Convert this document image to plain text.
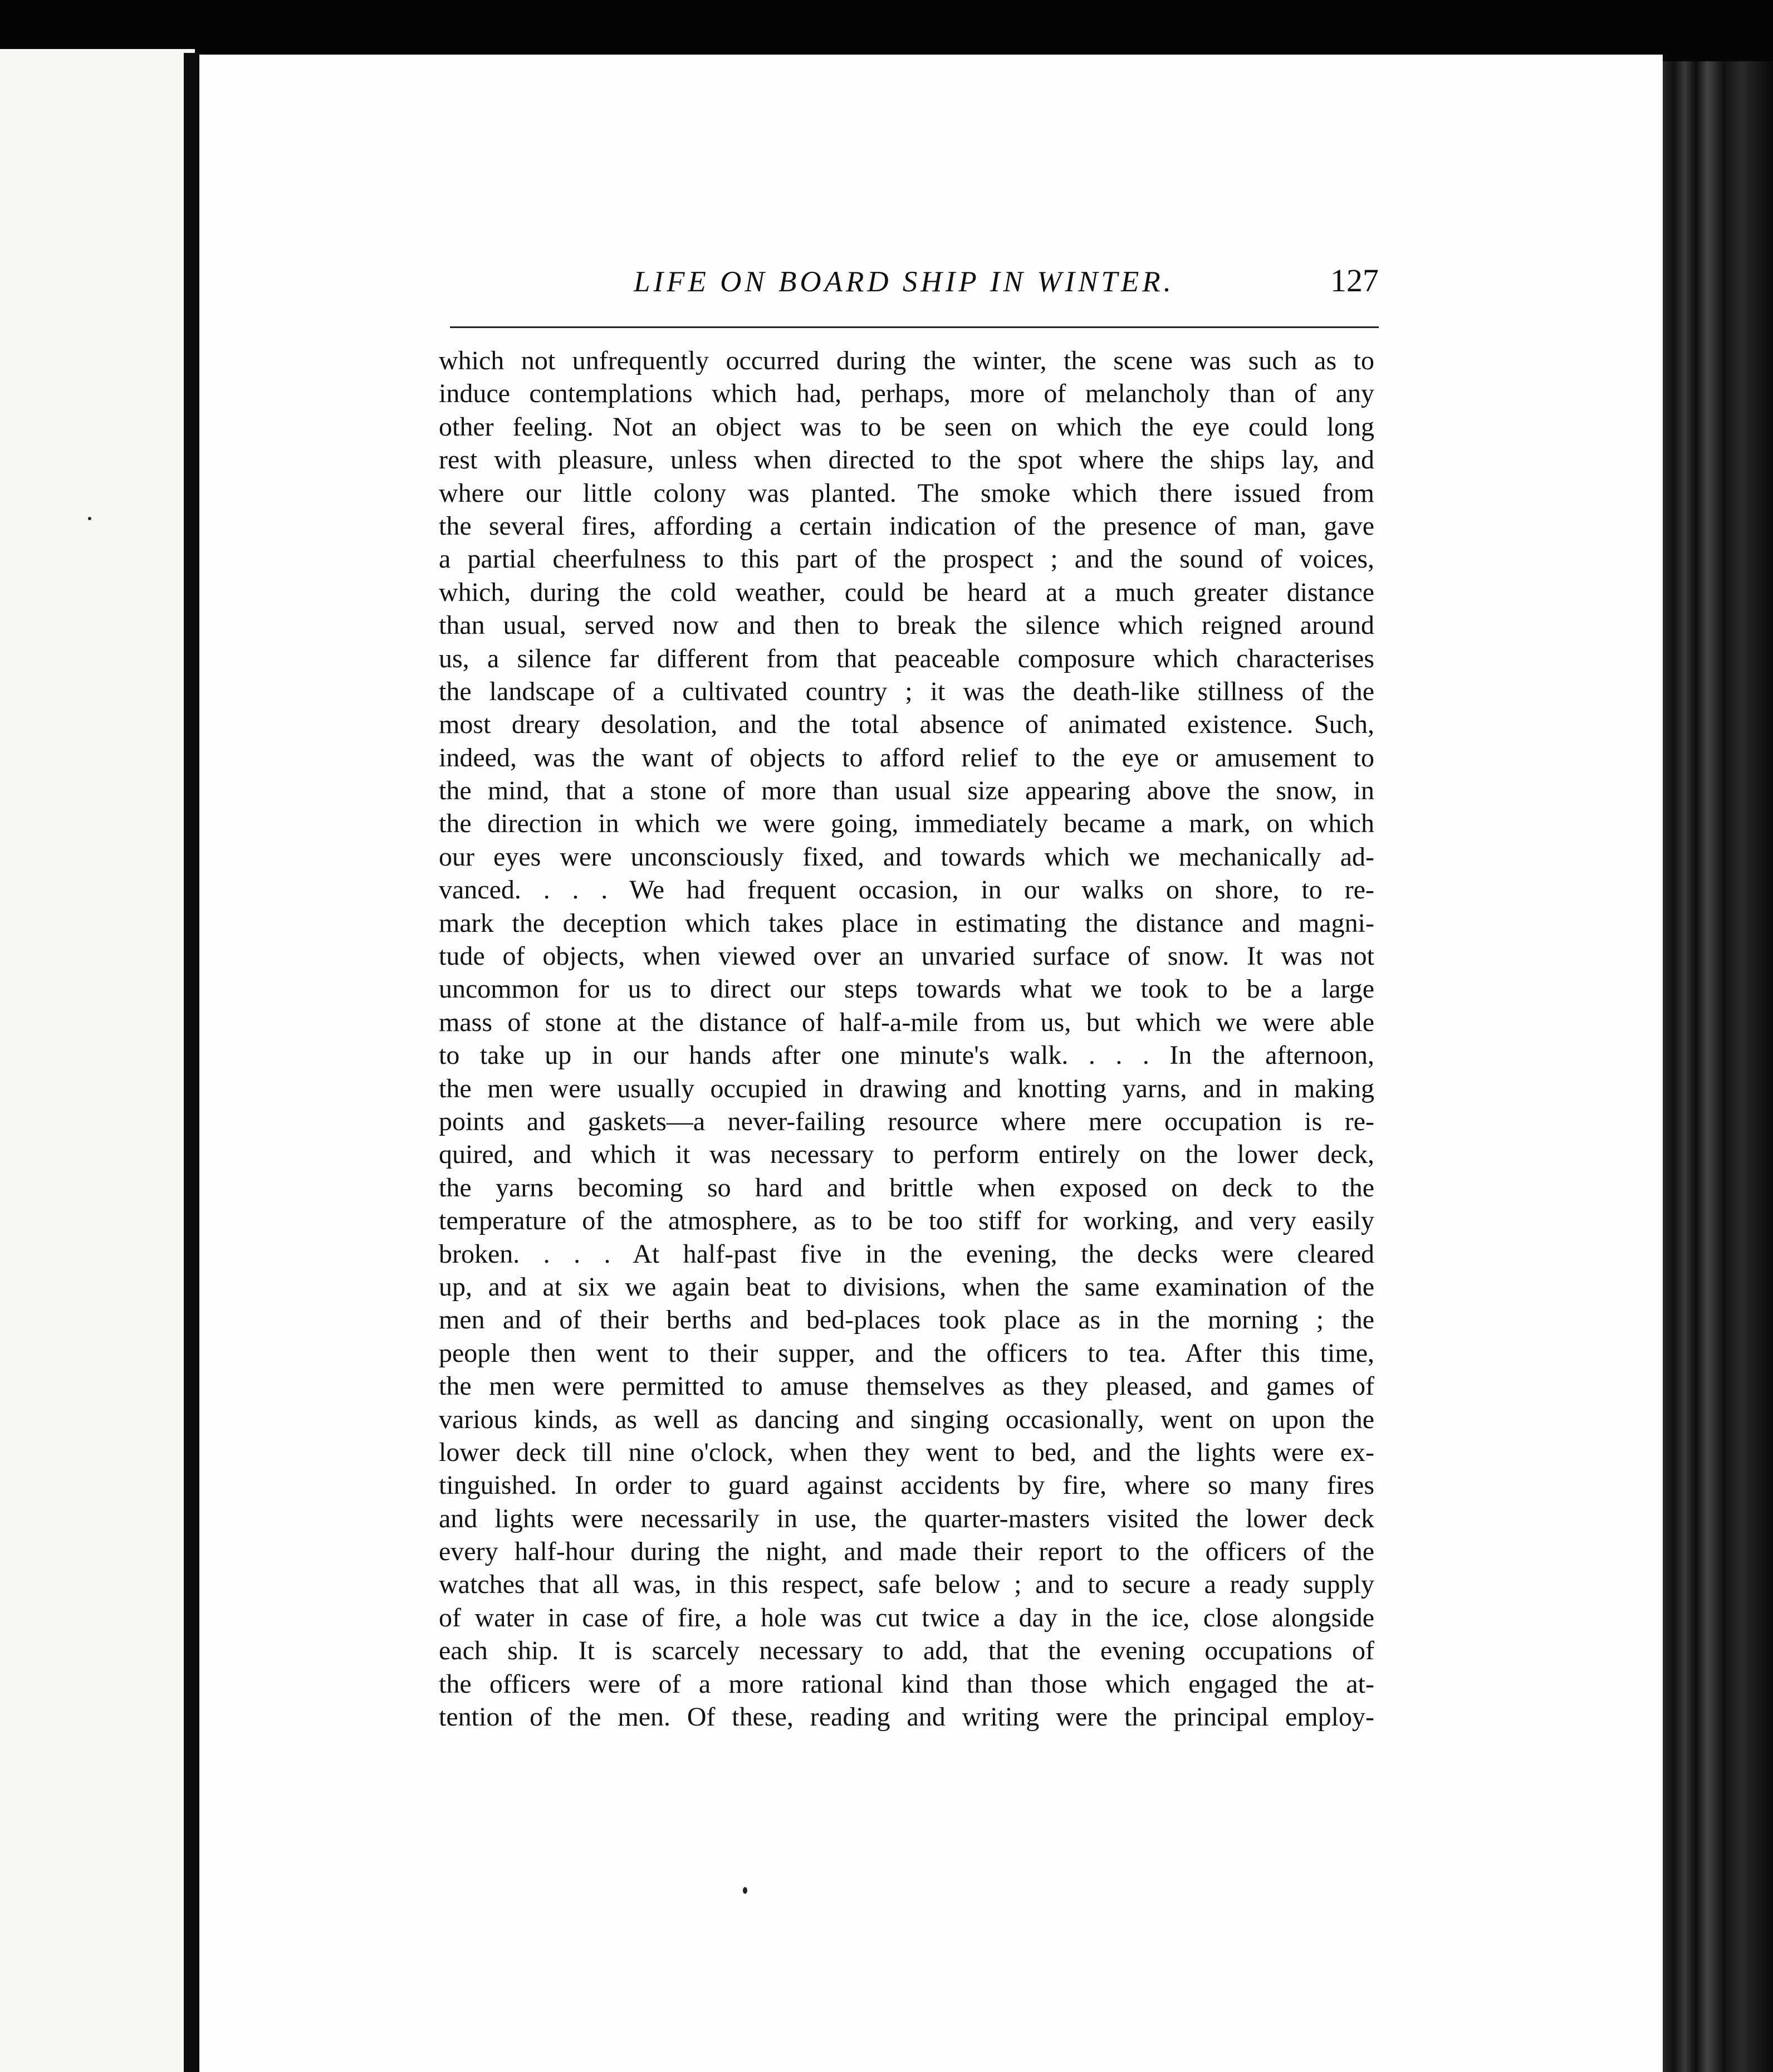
LIFE ON BOARD SHIP IN WINTER.	127
which not unfrequently occurred during the winter, the scene was such as to
induce contemplations which had, perhaps, more of melancholy than of any
other feeling. Not an object was to be seen on which the eye could long
rest with pleasure, unless when directed to the spot where the ships lay, and
where our little colony was planted. The smoke which there issued from
the several fires, affording a certain indication of the presence of man, gave
a partial cheerfulness to this part of the prospect ; and the sound of voices,
which, during the cold weather, could be heard at a much greater distance
than usual, served now and then to break the silence which reigned around
us, a silence far different from that peaceable composure which characterises
the landscape of a cultivated country ; it was the death-like stillness of the
most dreary desolation, and the total absence of animated existence. Such,
indeed, was the want of objects to afford relief to the eye or amusement to
the mind, that a stone of more than usual size appearing above the snow, in
the direction in which we were going, immediately became a mark, on which
our eyes were unconsciously fixed, and towards which we mechanically ad-
vanced. . . . We had frequent occasion, in our walks on shore, to re-
mark the deception which takes place in estimating the distance and magni-
tude of objects, when viewed over an unvaried surface of snow. It was not
uncommon for us to direct our steps towards what we took to be a large
mass of stone at the distance of half-a-mile from us, but which we were able
to take up in our hands after one minute's walk. . . . In the afternoon,
the men were usually occupied in drawing and knotting yarns, and in making
points and gaskets—a never-failing resource where mere occupation is re-
quired, and which it was necessary to perform entirely on the lower deck,
the yarns becoming so hard and brittle when exposed on deck to the
temperature of the atmosphere, as to be too stiff for working, and very easily
broken. . . . At half-past five in the evening, the decks were cleared
up, and at six we again beat to divisions, when the same examination of the
men and of their berths and bed-places took place as in the morning ; the
people then went to their supper, and the officers to tea. After this time,
the men were permitted to amuse themselves as they pleased, and games of
various kinds, as well as dancing and singing occasionally, went on upon the
lower deck till nine o'clock, when they went to bed, and the lights were ex-
tinguished. In order to guard against accidents by fire, where so many fires
and lights were necessarily in use, the quarter-masters visited the lower deck
every half-hour during the night, and made their report to the officers of the
watches that all was, in this respect, safe below ; and to secure a ready supply
of water in case of fire, a hole was cut twice a day in the ice, close alongside
each ship. It is scarcely necessary to add, that the evening occupations of
the officers were of a more rational kind than those which engaged the at-
tention of the men. Of these, reading and writing were the principal employ-
